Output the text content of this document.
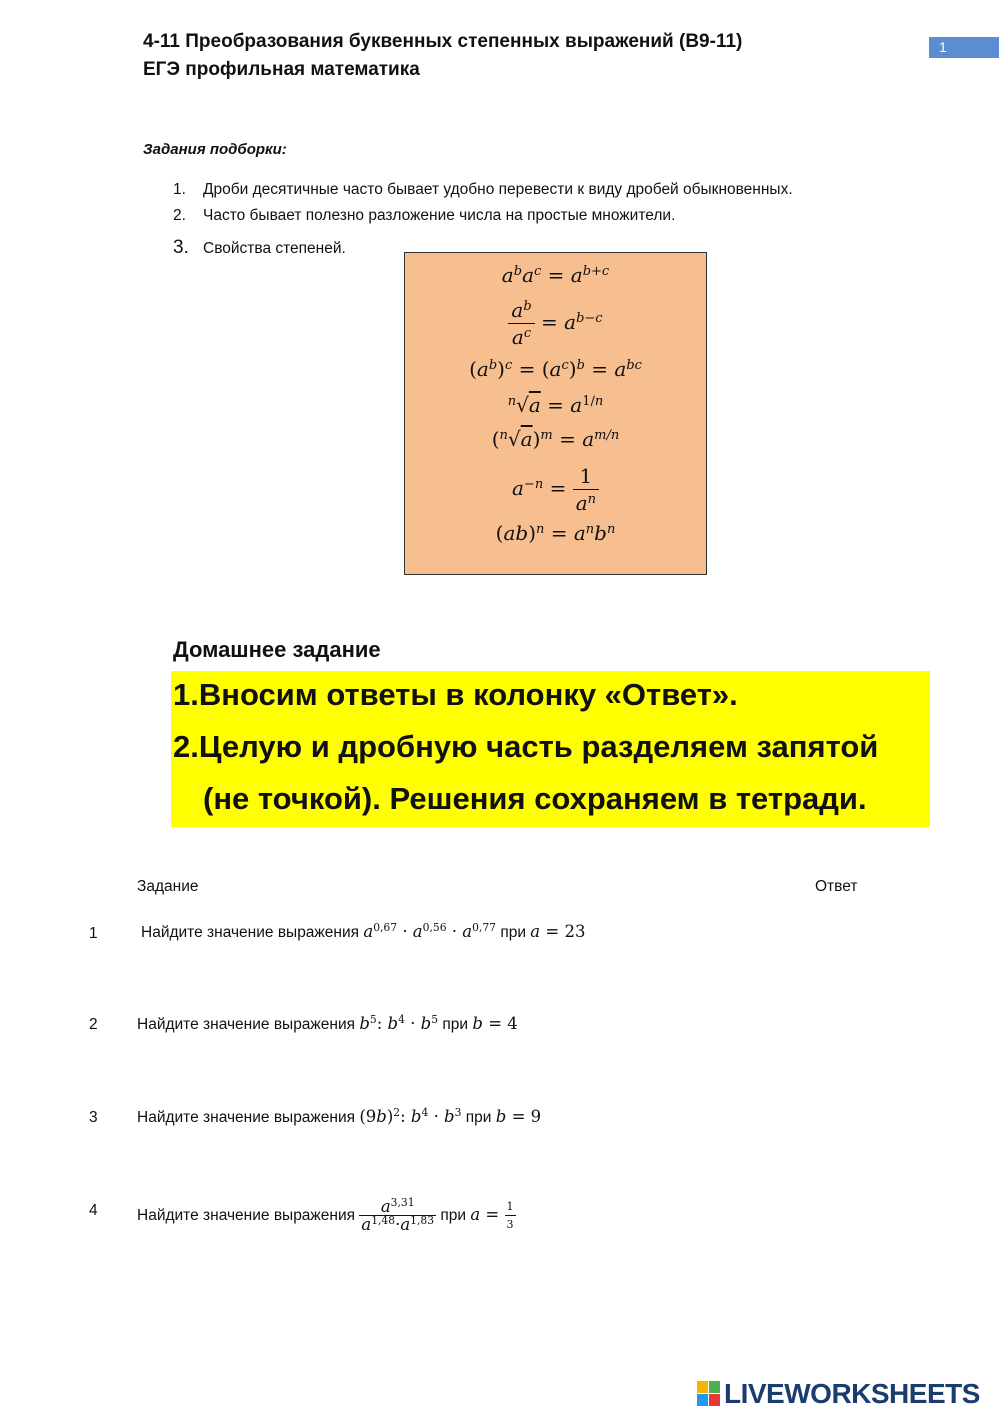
4-11 Преобразования буквенных степенных выражений (B9-11)
ЕГЭ профильная математика
1
Задания подборки:
1. Дроби десятичные часто бывает удобно перевести к виду дробей обыкновенных.
2. Часто бывает полезно разложение числа на простые множители.
3. Свойства степеней.
$a^ba^c = a^{b+c}$
$\frac{a^b}{a^c} = a^{b-c}$
$(a^b)^c = (a^c)^b = a^{bc}$
$^n√a = a^{1/n}$
$(^n√a)^m = a^{m/n}$
$a^{-n} = \frac{1}{a^n}$
$(ab)^n = a^nb^n$
Домашнее задание
1.Вносим ответы в колонку «Ответ».
2.Целую и дробную часть разделяем запятой
(не точкой). Решения сохраняем в тетради.
Задание	Ответ
1	Найдите значение выражения $a^{0,67} \cdot a^{0,56} \cdot a^{0,77}$ при a = 23
2	Найдите значение выражения $b^5$: $b^4 \cdot b^5$ при b = 4
3	Найдите значение выражения $(9b)^2$: $b^4 \cdot b^3$ при b = 9
4	Найдите значение выражения $\frac{a^{3,31}}{a^{1,48}\cdot a^{1,83}}$ при $a = \frac{1}{3}$
LIVEWORKSHEETS
